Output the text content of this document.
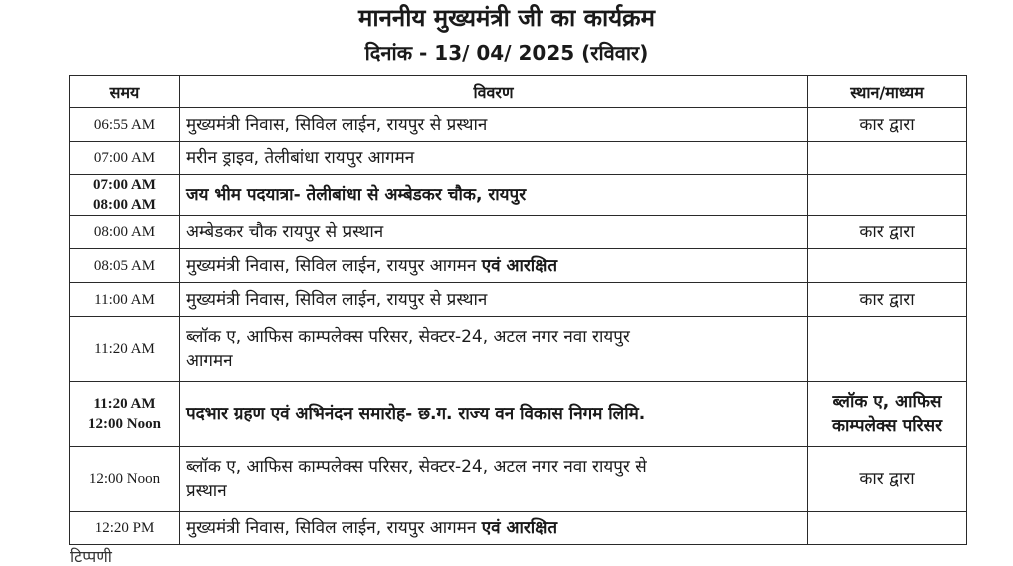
माननीय मुख्यमंत्री जी का कार्यक्रम
दिनांक - 13/ 04/ 2025 (रविवार)
समय	विवरण	स्थान/माध्यम
06:55 AM	मुख्यमंत्री निवास, सिविल लाईन, रायपुर से प्रस्थान	कार द्वारा
07:00 AM	मरीन ड्राइव, तेलीबांधा रायपुर आगमन	

07:00 AM
08:00 AM	जय भीम पदयात्रा- तेलीबांधा से अम्बेडकर चौक, रायपुर	
08:00 AM	अम्बेडकर चौक रायपुर से प्रस्थान	कार द्वारा
08:05 AM	मुख्यमंत्री निवास, सिविल लाईन, रायपुर आगमन एवं आरक्षित	
11:00 AM	मुख्यमंत्री निवास, सिविल लाईन, रायपुर से प्रस्थान	कार द्वारा
11:20 AM	ब्लॉक ए, आफिस काम्पलेक्स परिसर, सेक्टर-24, अटल नगर नवा रायपुर
आगमन	

11:20 AM
12:00 Noon	पदभार ग्रहण एवं अभिनंदन समारोह- छ.ग. राज्य वन विकास निगम लिमि.	ब्लॉक ए, आफिस
काम्पलेक्स परिसर

12:00 Noon	ब्लॉक ए, आफिस काम्पलेक्स परिसर, सेक्टर-24, अटल नगर नवा रायपुर से
प्रस्थान	कार द्वारा
12:20 PM	मुख्यमंत्री निवास, सिविल लाईन, रायपुर आगमन एवं आरक्षित	
टिप्पणी
